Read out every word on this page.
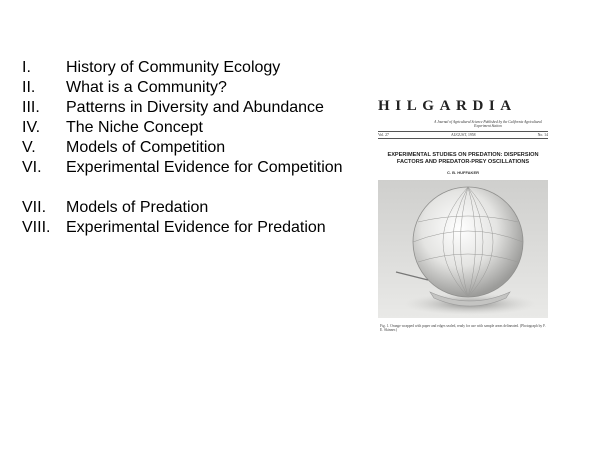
I.	History of Community Ecology
II.	What is a Community?
III.	Patterns in Diversity and Abundance
IV.	The Niche Concept
V.	Models of Competition
VI.	Experimental Evidence for Competition
VII.	Models of Predation
VIII. Experimental Evidence for Predation
HILGARDIA
A Journal of Agricultural Science Published by the California Agricultural Experiment Station
Vol. 27	AUGUST, 1958	No. 14
EXPERIMENTAL STUDIES ON PREDATION: DISPERSION FACTORS AND PREDATOR-PREY OSCILLATIONS
C. B. HUFFAKER
Fig. 1. Orange wrapped with paper and edges sealed, ready for use with sample areas delineated. (Photograph by F. E. Skinner.)
